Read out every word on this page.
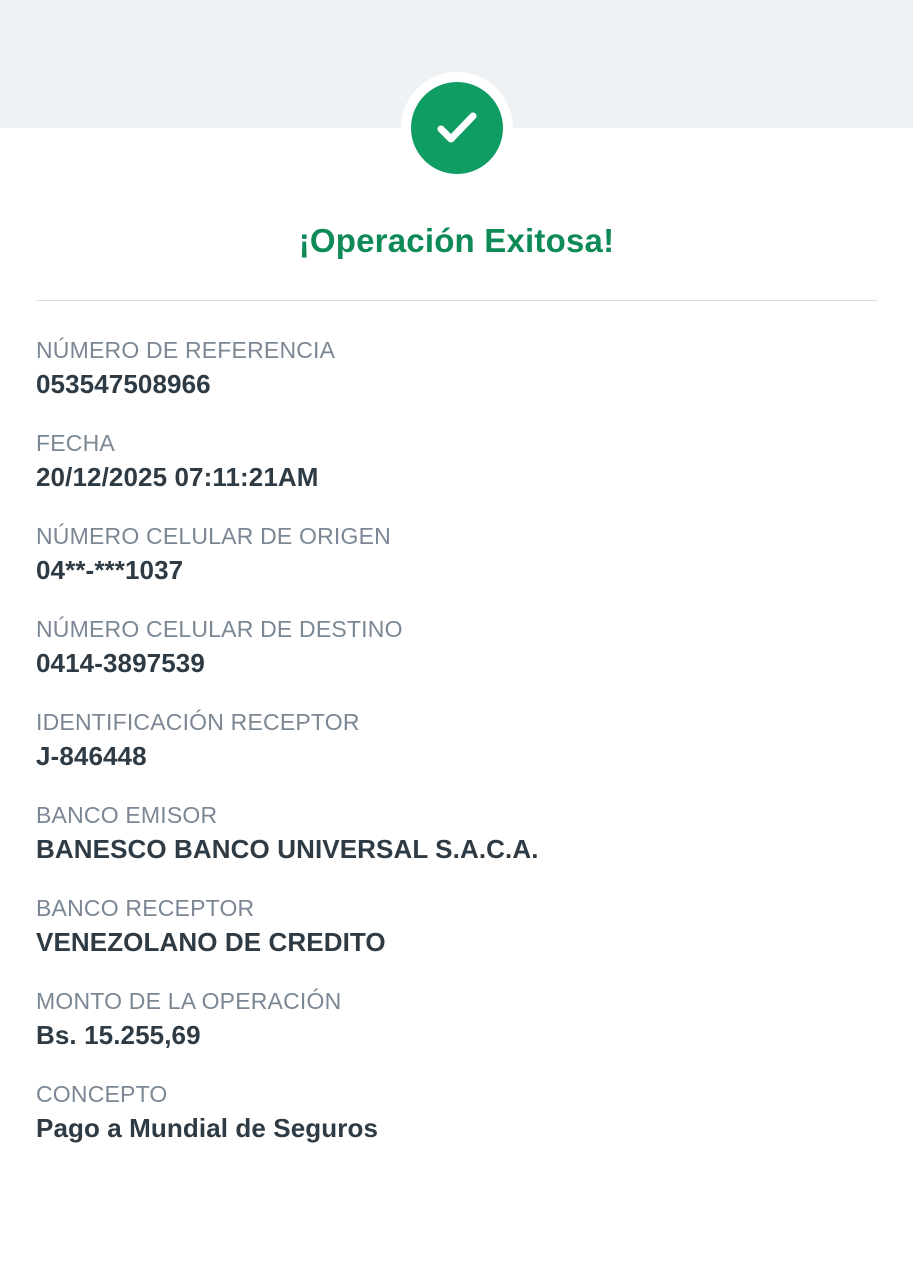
¡Operación Exitosa!
NÚMERO DE REFERENCIA
053547508966
FECHA
20/12/2025 07:11:21AM
NÚMERO CELULAR DE ORIGEN
04**-***1037
NÚMERO CELULAR DE DESTINO
0414-3897539
IDENTIFICACIÓN RECEPTOR
J-846448
BANCO EMISOR
BANESCO BANCO UNIVERSAL S.A.C.A.
BANCO RECEPTOR
VENEZOLANO DE CREDITO
MONTO DE LA OPERACIÓN
Bs. 15.255,69
CONCEPTO
Pago a Mundial de Seguros
